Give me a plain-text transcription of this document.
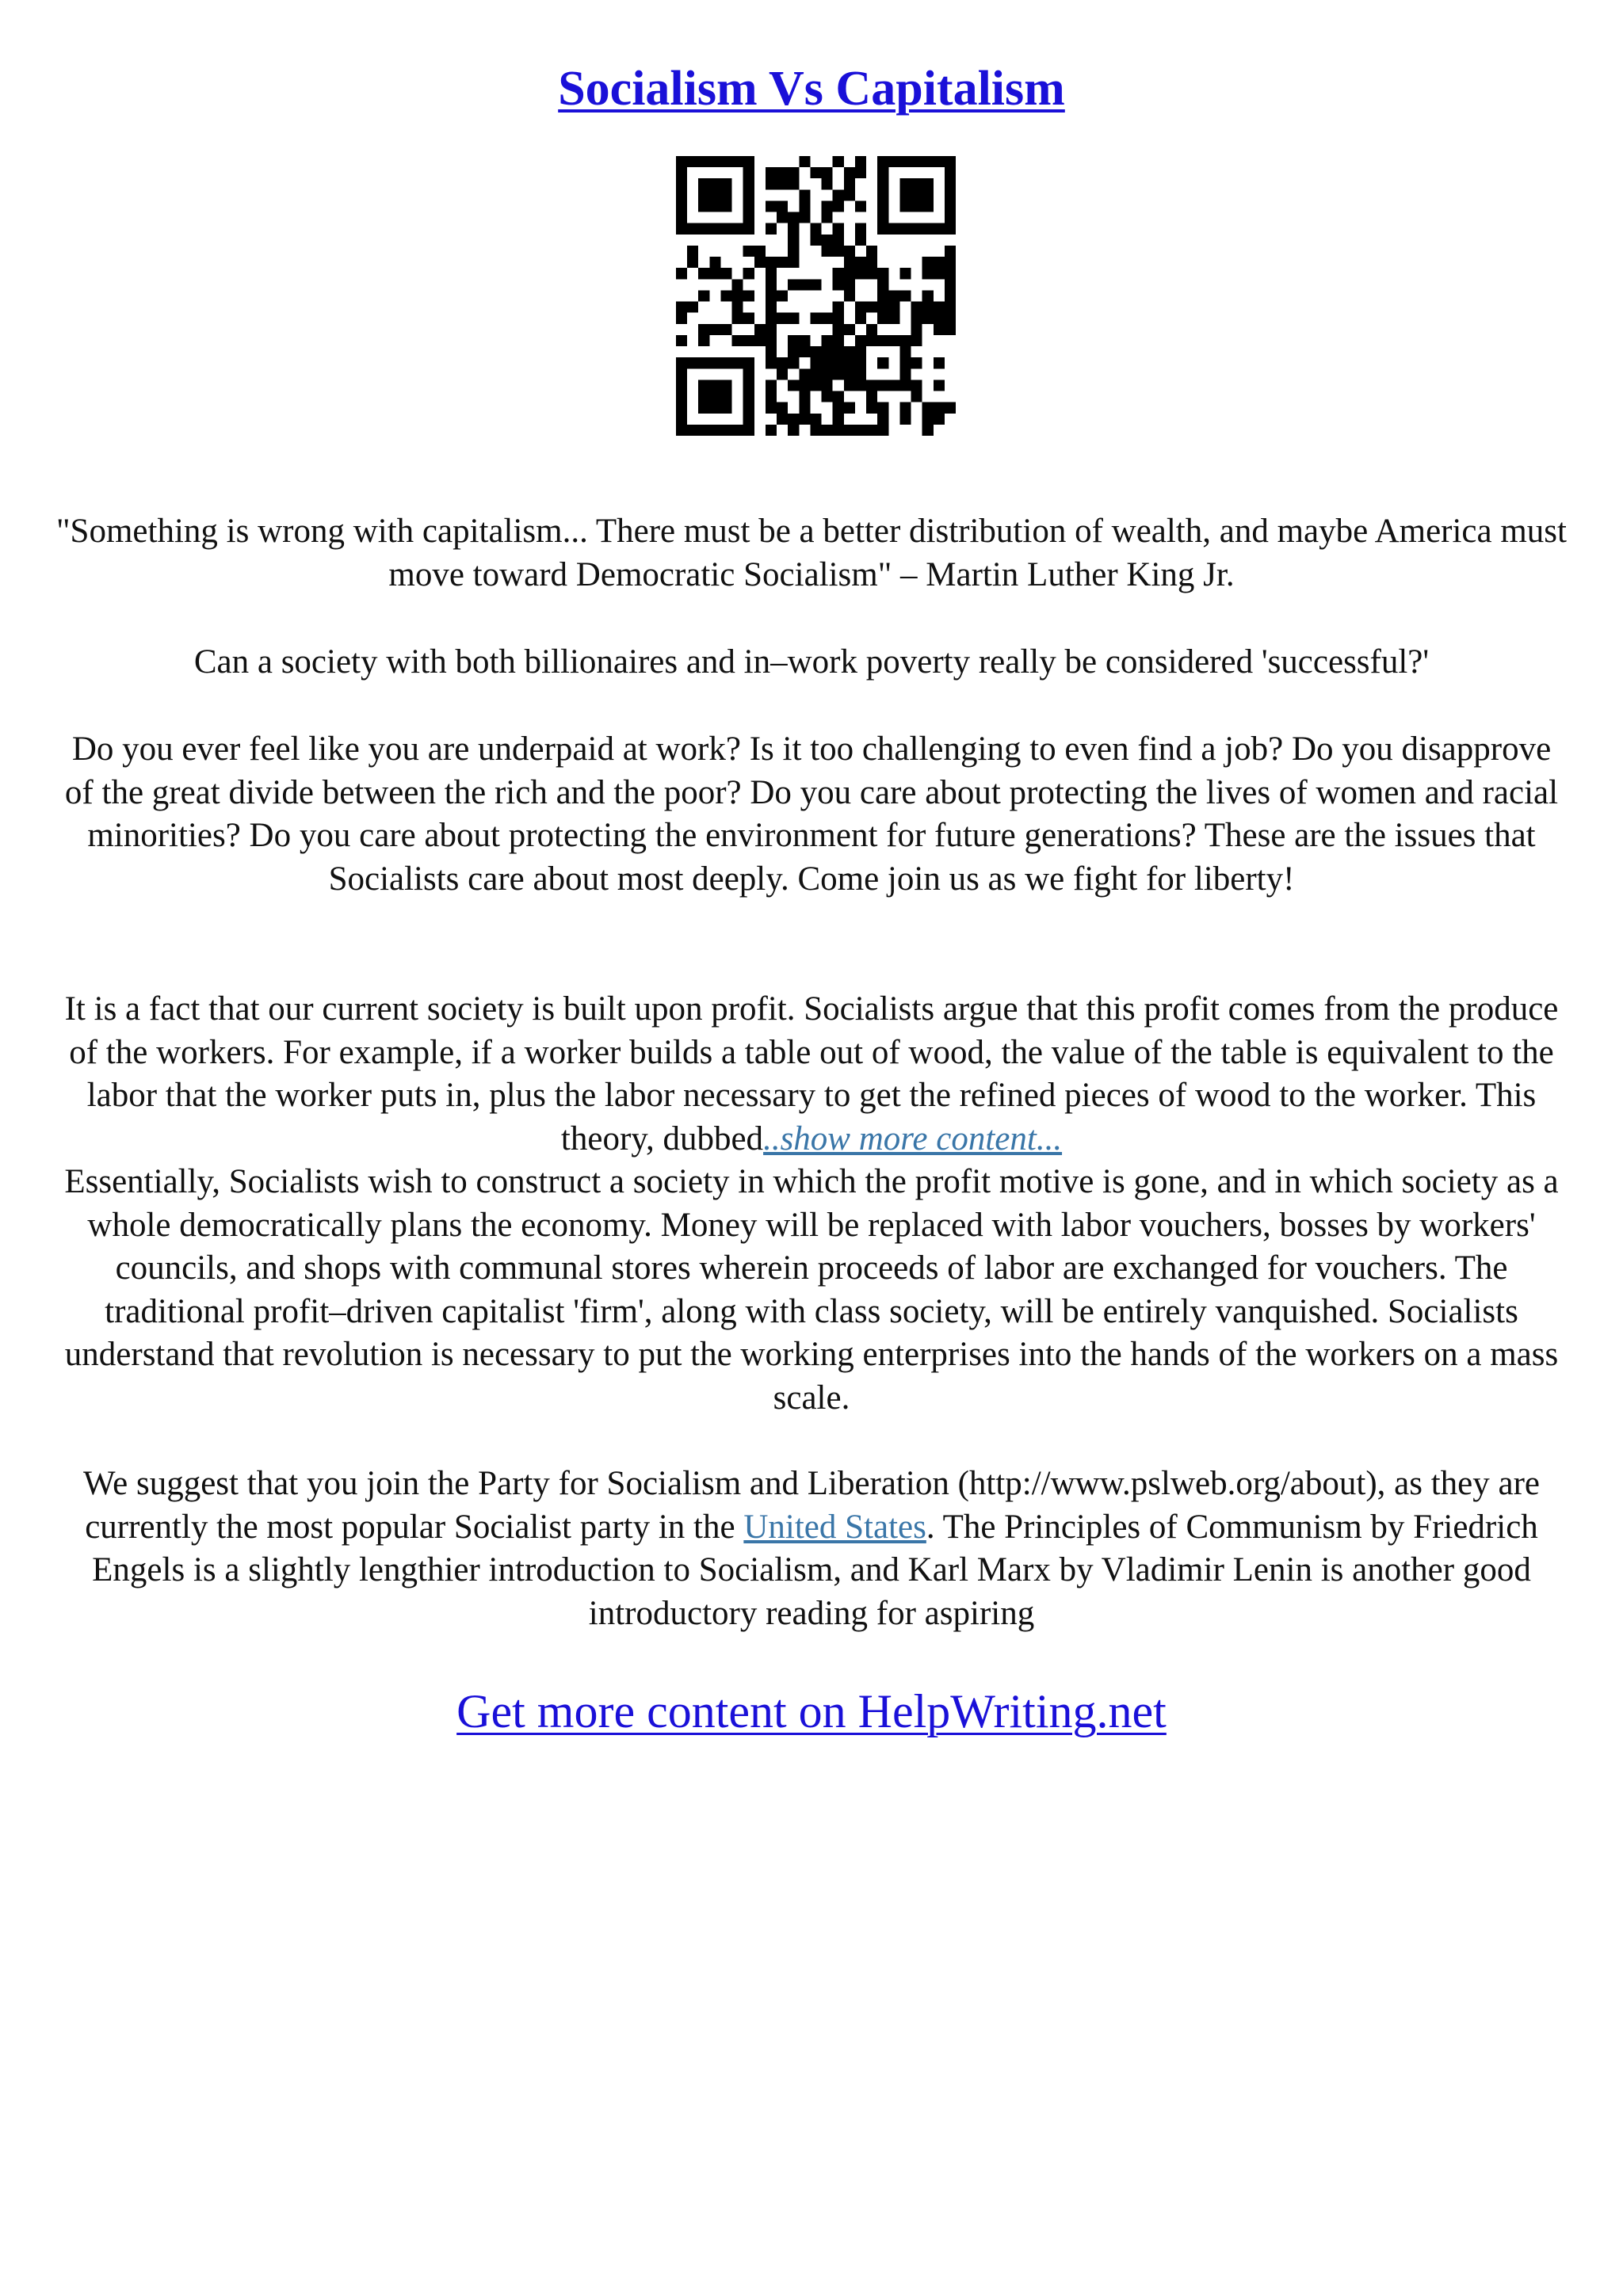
Socialism Vs Capitalism

"Something is wrong with capitalism... There must be a better distribution of wealth, and maybe America must move toward Democratic Socialism" – Martin Luther King Jr.

Can a society with both billionaires and in–work poverty really be considered 'successful?'

Do you ever feel like you are underpaid at work? Is it too challenging to even find a job? Do you disapprove of the great divide between the rich and the poor? Do you care about protecting the lives of women and racial minorities? Do you care about protecting the environment for future generations? These are the issues that Socialists care about most deeply. Come join us as we fight for liberty!

It is a fact that our current society is built upon profit. Socialists argue that this profit comes from the produce of the workers. For example, if a worker builds a table out of wood, the value of the table is equivalent to the labor that the worker puts in, plus the labor necessary to get the refined pieces of wood to the worker. This theory, dubbed..show more content...

Essentially, Socialists wish to construct a society in which the profit motive is gone, and in which society as a whole democratically plans the economy. Money will be replaced with labor vouchers, bosses by workers' councils, and shops with communal stores wherein proceeds of labor are exchanged for vouchers. The traditional profit–driven capitalist 'firm', along with class society, will be entirely vanquished. Socialists understand that revolution is necessary to put the working enterprises into the hands of the workers on a mass scale.

We suggest that you join the Party for Socialism and Liberation (http://www.pslweb.org/about), as they are currently the most popular Socialist party in the United States. The Principles of Communism by Friedrich Engels is a slightly lengthier introduction to Socialism, and Karl Marx by Vladimir Lenin is another good introductory reading for aspiring

Get more content on HelpWriting.net
